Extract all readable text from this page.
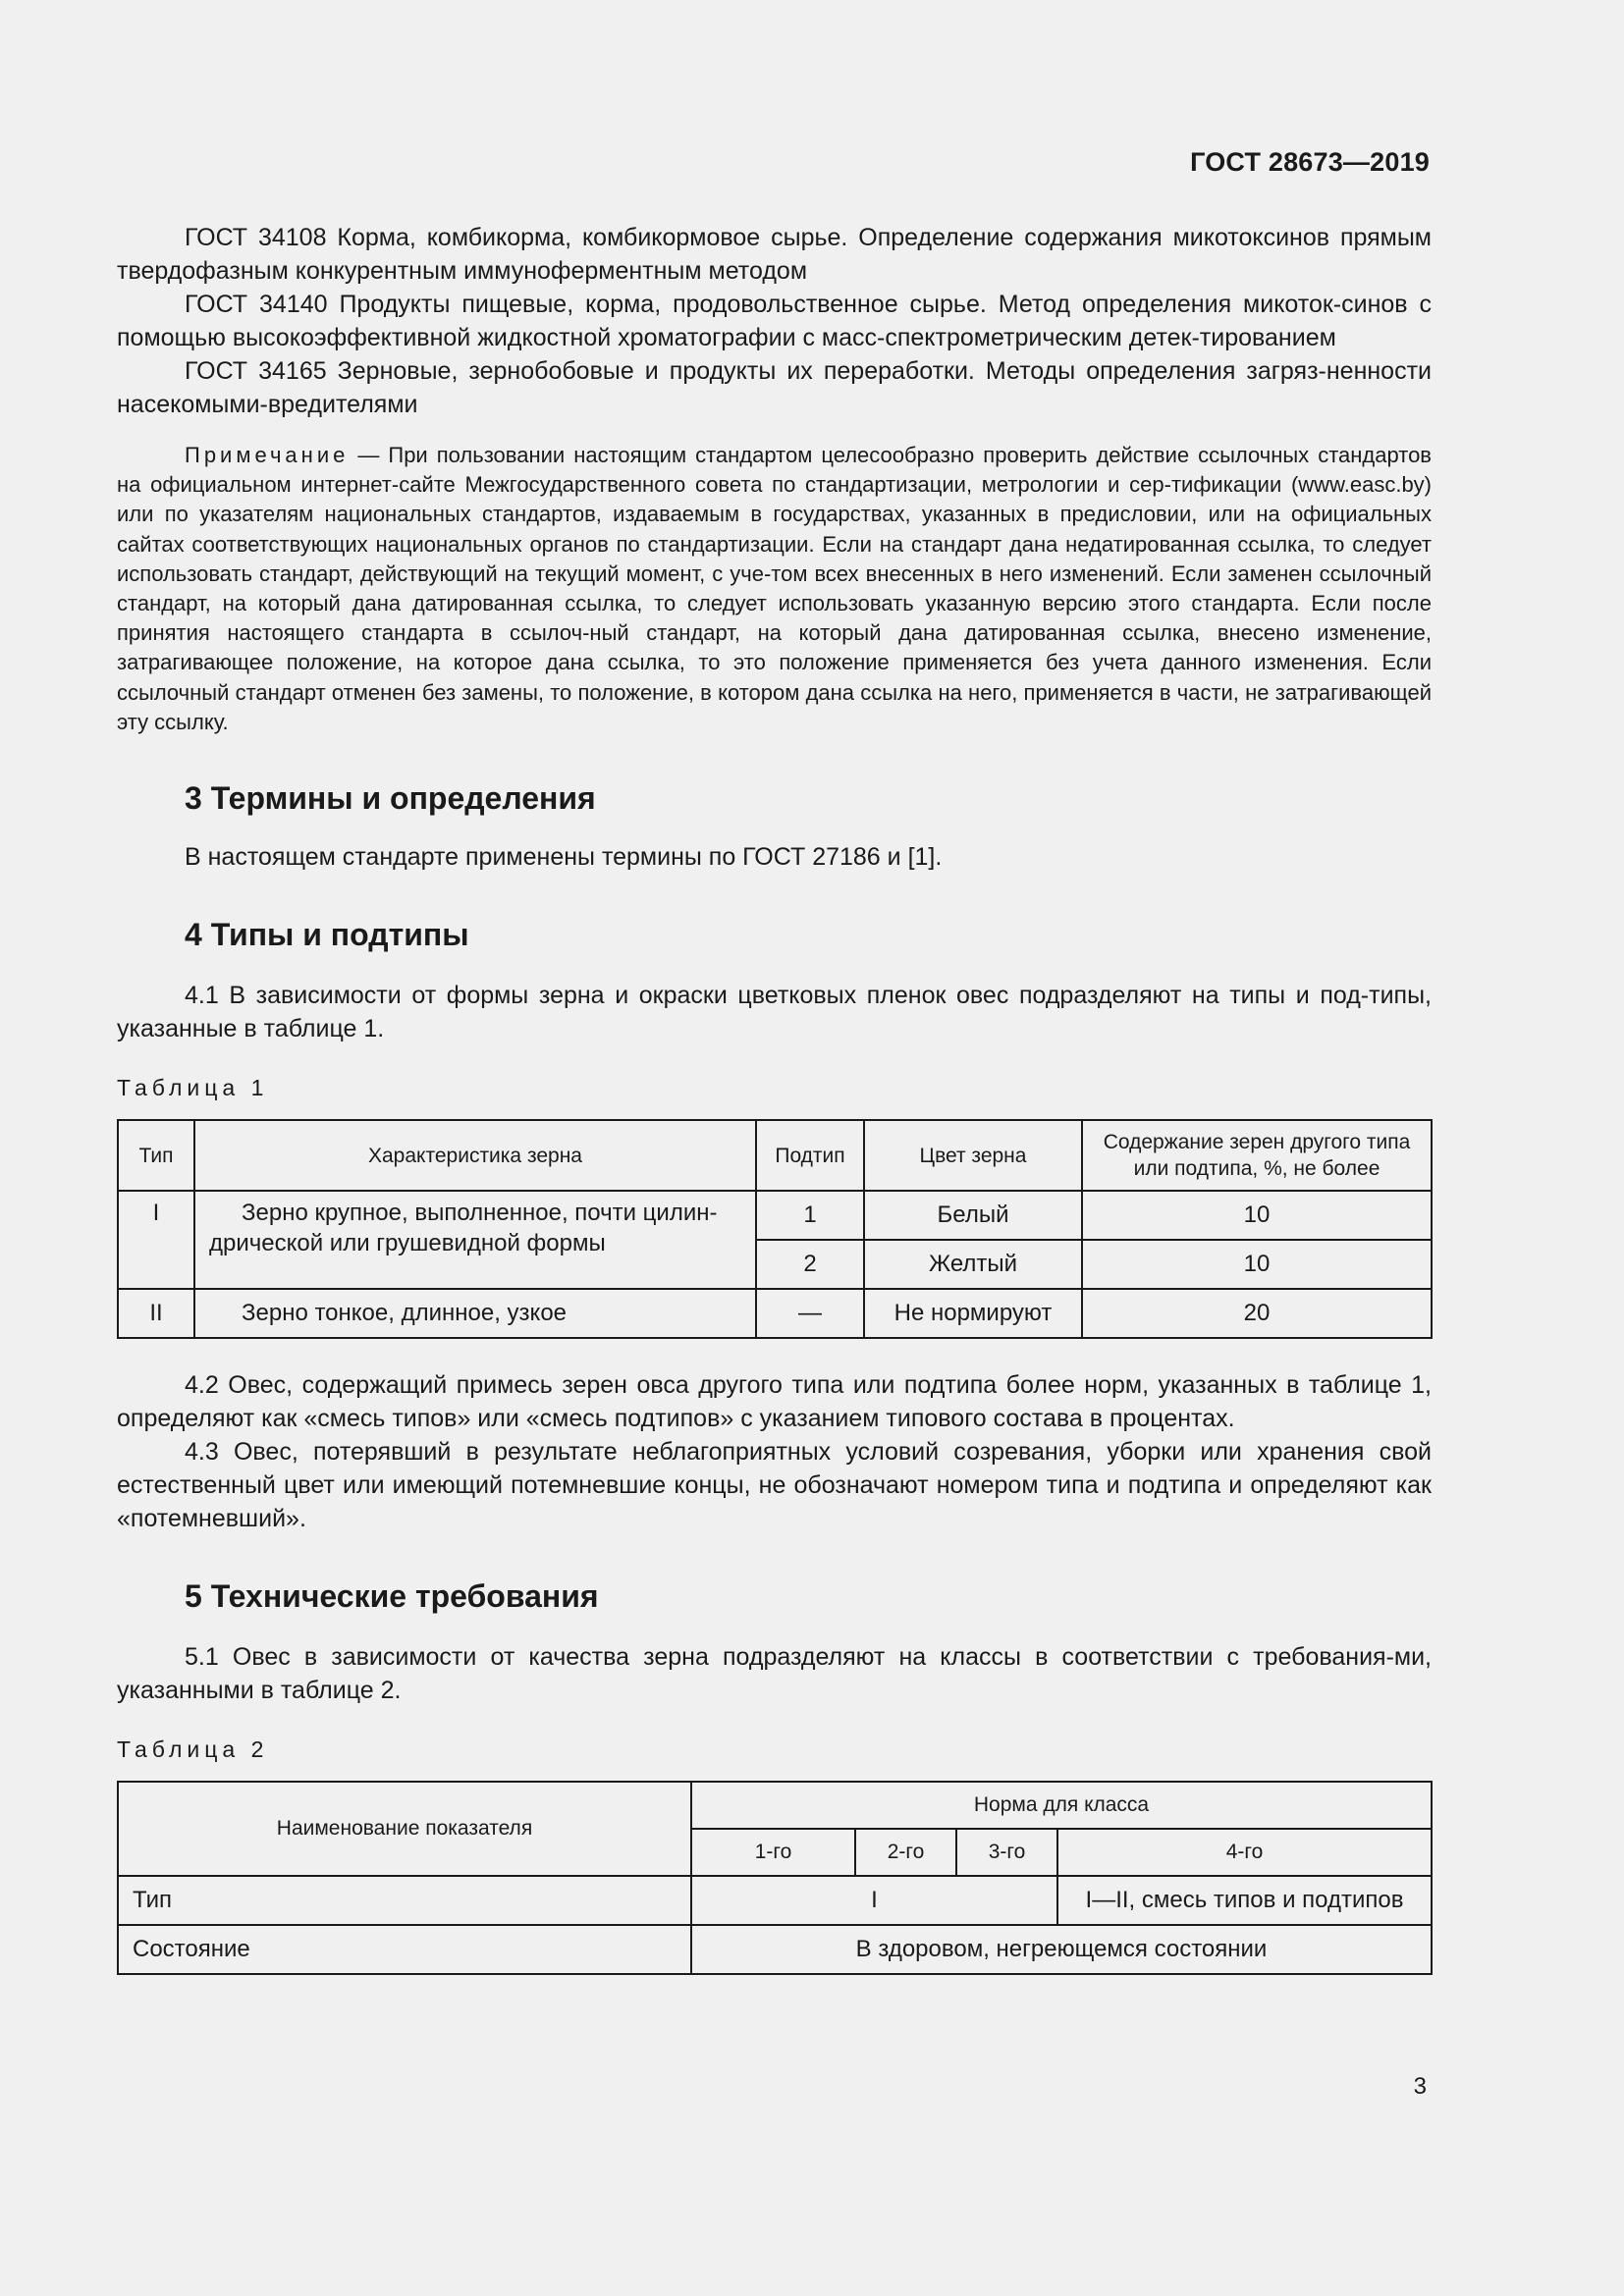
ГОСТ 28673—2019

ГОСТ 34108 Корма, комбикорма, комбикормовое сырье. Определение содержания микотоксинов прямым твердофазным конкурентным иммуноферментным методом

ГОСТ 34140 Продукты пищевые, корма, продовольственное сырье. Метод определения микоток-синов с помощью высокоэффективной жидкостной хроматографии с масс-спектрометрическим детек-тированием

ГОСТ 34165 Зерновые, зернобобовые и продукты их переработки. Методы определения загряз-ненности насекомыми-вредителями

Примечание — При пользовании настоящим стандартом целесообразно проверить действие ссылочных стандартов на официальном интернет-сайте Межгосударственного совета по стандартизации, метрологии и сер-тификации (www.easc.by) или по указателям национальных стандартов, издаваемым в государствах, указанных в предисловии, или на официальных сайтах соответствующих национальных органов по стандартизации. Если на стандарт дана недатированная ссылка, то следует использовать стандарт, действующий на текущий момент, с уче-том всех внесенных в него изменений. Если заменен ссылочный стандарт, на который дана датированная ссылка, то следует использовать указанную версию этого стандарта. Если после принятия настоящего стандарта в ссылоч-ный стандарт, на который дана датированная ссылка, внесено изменение, затрагивающее положение, на которое дана ссылка, то это положение применяется без учета данного изменения. Если ссылочный стандарт отменен без замены, то положение, в котором дана ссылка на него, применяется в части, не затрагивающей эту ссылку.

3 Термины и определения

В настоящем стандарте применены термины по ГОСТ 27186 и [1].

4 Типы и подтипы

4.1 В зависимости от формы зерна и окраски цветковых пленок овес подразделяют на типы и под-типы, указанные в таблице 1.

Таблица 1

Тип	Характеристика зерна	Подтип	Цвет зерна	Содержание зерен другого типа или подтипа, %, не более
I	Зерно крупное, выполненное, почти цилин-дрической или грушевидной формы	1	Белый	10
		2	Желтый	10
II	Зерно тонкое, длинное, узкое	—	Не нормируют	20

4.2 Овес, содержащий примесь зерен овса другого типа или подтипа более норм, указанных в таблице 1, определяют как «смесь типов» или «смесь подтипов» с указанием типового состава в процентах.

4.3 Овес, потерявший в результате неблагоприятных условий созревания, уборки или хранения свой естественный цвет или имеющий потемневшие концы, не обозначают номером типа и подтипа и определяют как «потемневший».

5 Технические требования

5.1 Овес в зависимости от качества зерна подразделяют на классы в соответствии с требования-ми, указанными в таблице 2.

Таблица 2

Наименование показателя	Норма для класса			
	1-го	2-го	3-го	4-го
Тип	I			I—II, смесь типов и подтипов
Состояние	В здоровом, негреющемся состоянии			
3
